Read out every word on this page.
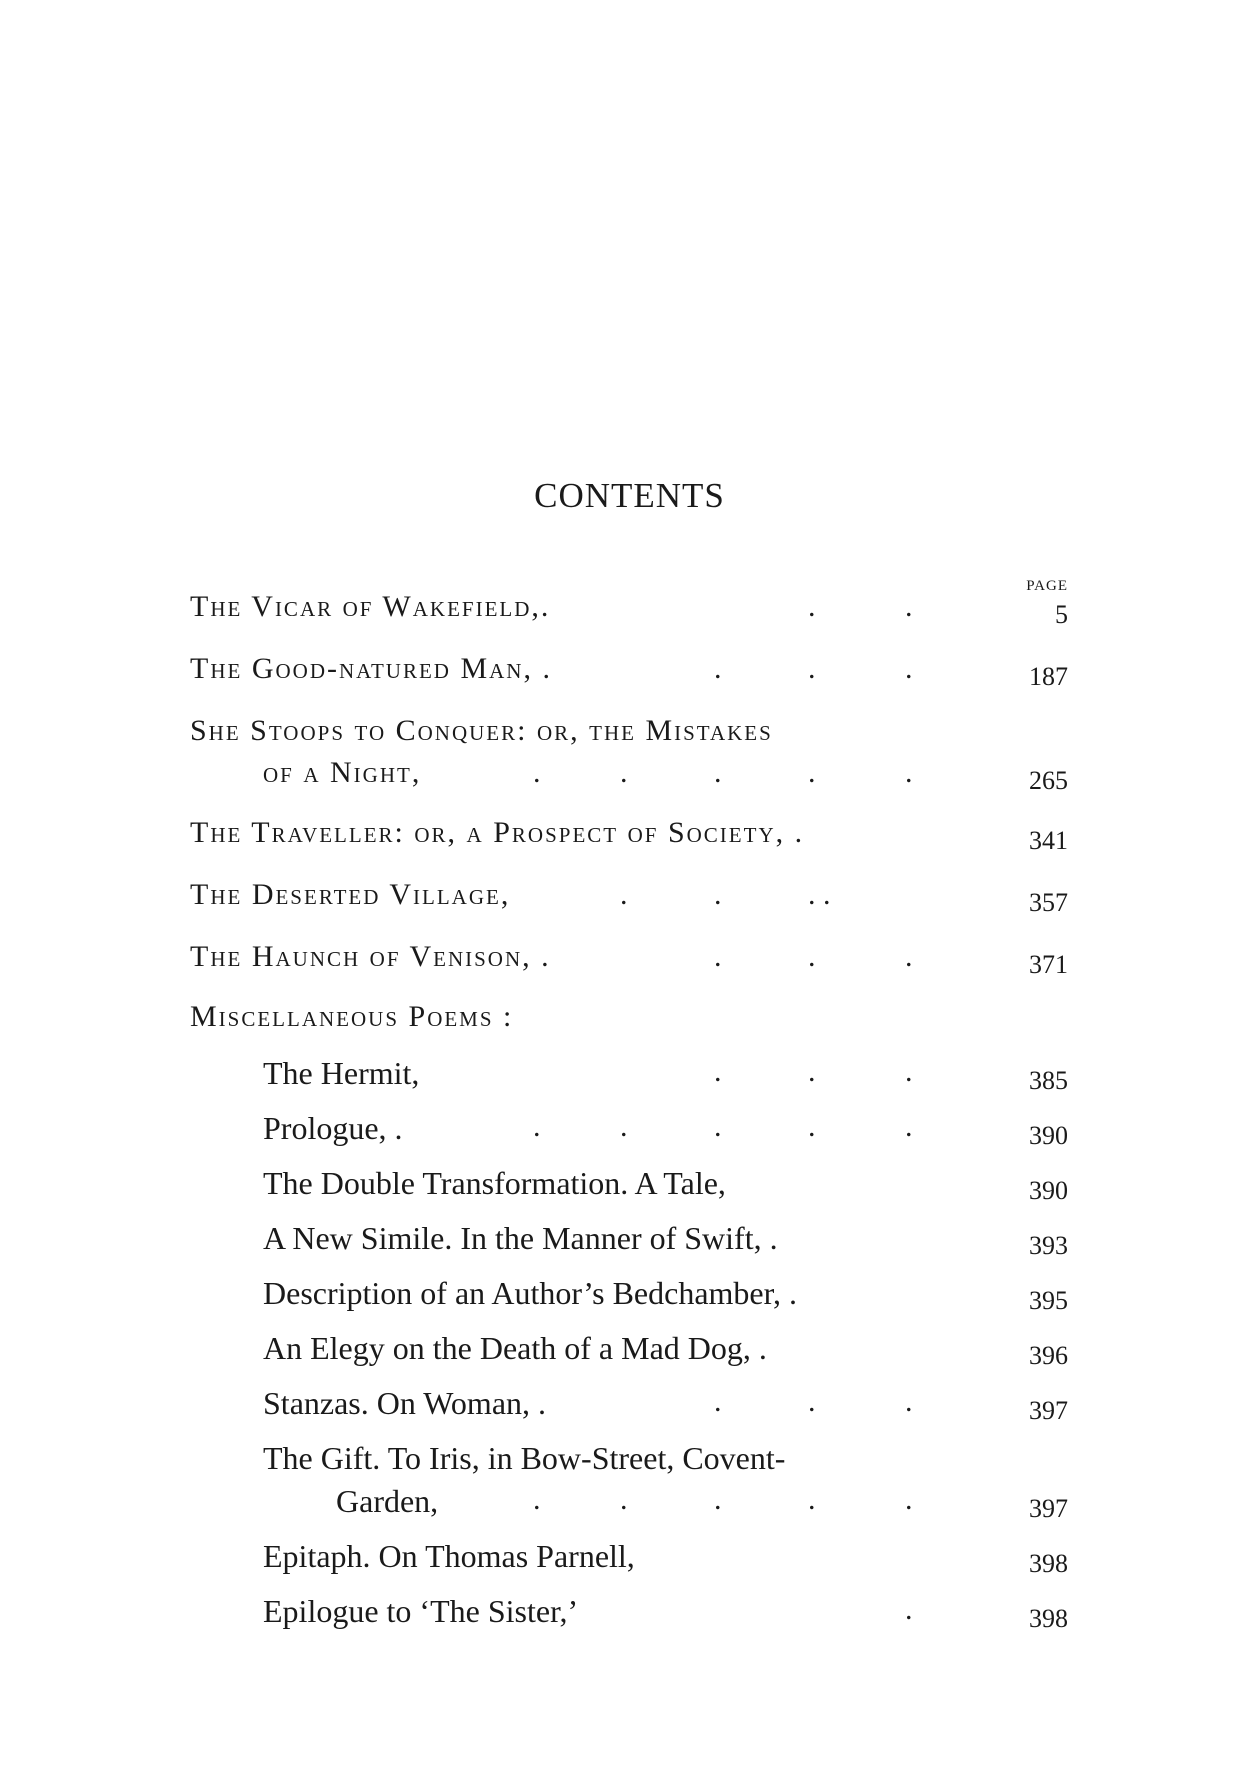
CONTENTS
PAGE
The Vicar of Wakefield,.	.	.	5
The Good-natured Man, .	.	.	.	187
She Stoops to Conquer: or, the Mistakes
of a Night,	.	.	.	.	.	265
The Traveller: or, a Prospect of Society, .	341
The Deserted Village,	.	.	. .	357
The Haunch of Venison, .	.	.	.	371
Miscellaneous Poems :
The Hermit,	.	.	.	385
Prologue, .	.	.	.	.	.	390
The Double Transformation. A Tale,	390
A New Simile. In the Manner of Swift, .	393
Description of an Author’s Bedchamber, .	395
An Elegy on the Death of a Mad Dog, .	396
Stanzas. On Woman, .	.	.	.	397
The Gift. To Iris, in Bow-Street, Covent-
Garden,	.	.	.	.	.	397
Epitaph. On Thomas Parnell,	398
Epilogue to ‘The Sister,’	.	398
